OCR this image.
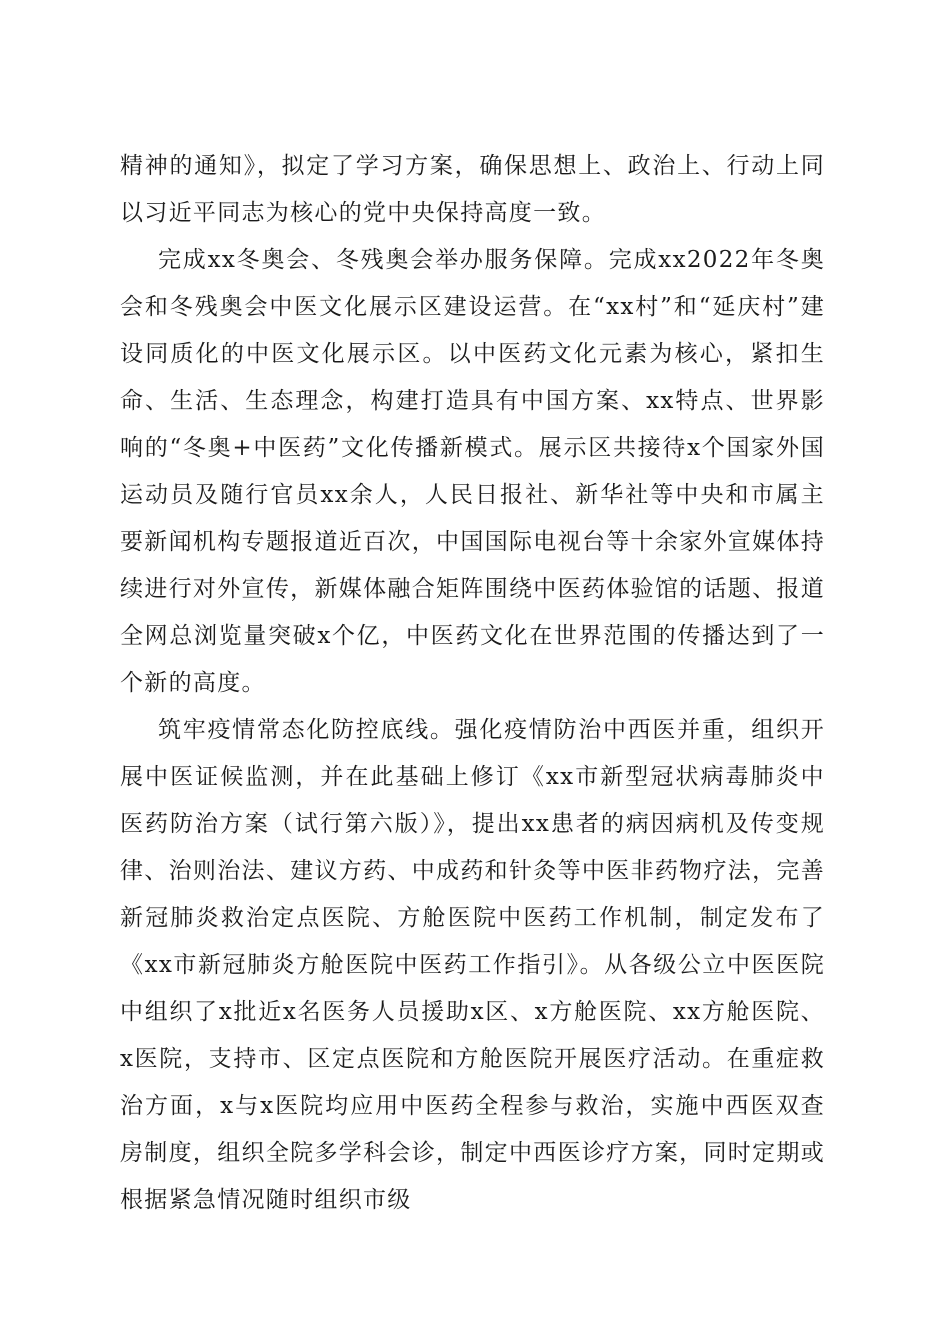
精神的通知》，拟定了学习方案，确保思想上、政治上、行动上同以习近平同志为核心的党中央保持高度一致。

完成xx冬奥会、冬残奥会举办服务保障。完成xx2022年冬奥会和冬残奥会中医文化展示区建设运营。在“xx村”和“延庆村”建设同质化的中医文化展示区。以中医药文化元素为核心，紧扣生命、生活、生态理念，构建打造具有中国方案、xx特点、世界影响的“冬奥+中医药”文化传播新模式。展示区共接待x个国家外国运动员及随行官员xx余人，人民日报社、新华社等中央和市属主要新闻机构专题报道近百次，中国国际电视台等十余家外宣媒体持续进行对外宣传，新媒体融合矩阵围绕中医药体验馆的话题、报道全网总浏览量突破x个亿，中医药文化在世界范围的传播达到了一个新的高度。

筑牢疫情常态化防控底线。强化疫情防治中西医并重，组织开展中医证候监测，并在此基础上修订《xx市新型冠状病毒肺炎中医药防治方案（试行第六版）》，提出xx患者的病因病机及传变规律、治则治法、建议方药、中成药和针灸等中医非药物疗法，完善新冠肺炎救治定点医院、方舱医院中医药工作机制，制定发布了《xx市新冠肺炎方舱医院中医药工作指引》。从各级公立中医医院中组织了x批近x名医务人员援助x区、x方舱医院、xx方舱医院、x医院，支持市、区定点医院和方舱医院开展医疗活动。在重症救治方面，x与x医院均应用中医药全程参与救治，实施中西医双查房制度，组织全院多学科会诊，制定中西医诊疗方案，同时定期或根据紧急情况随时组织市级
